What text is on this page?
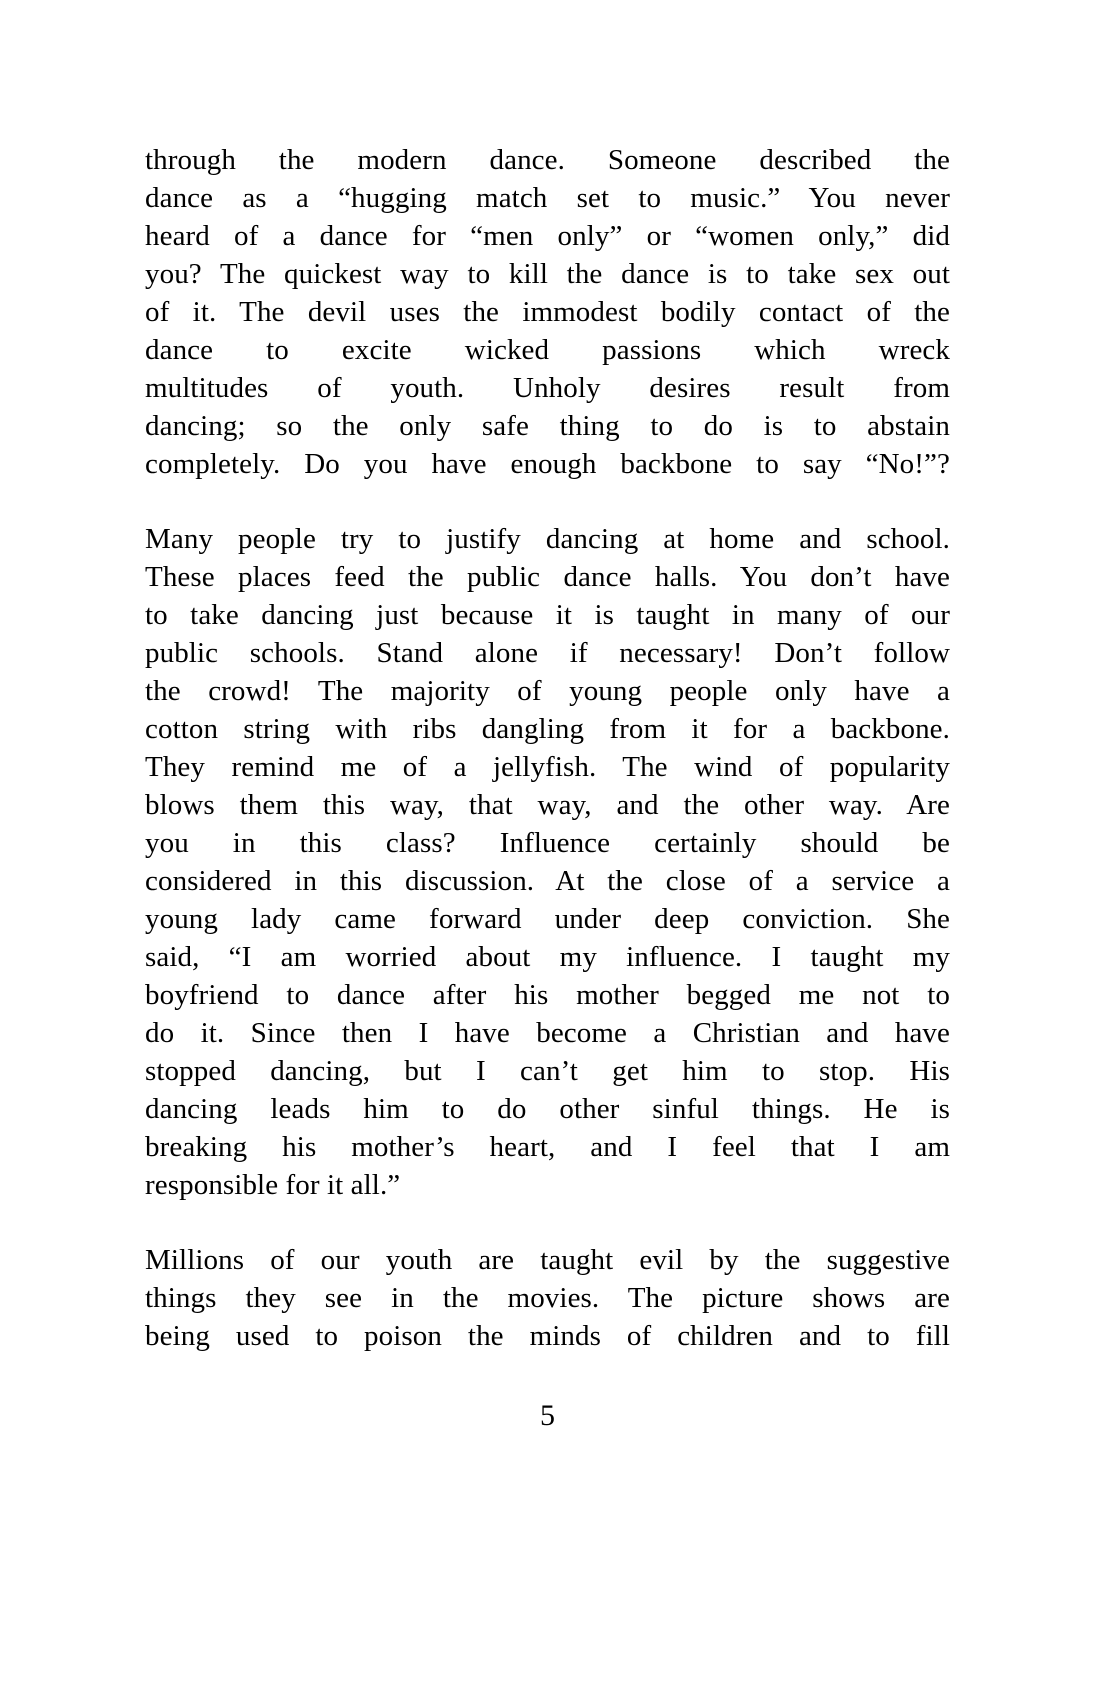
through the modern dance. Someone described the
dance as a “hugging match set to music.” You never
heard of a dance for “men only” or “women only,” did
you? The quickest way to kill the dance is to take sex out
of it. The devil uses the immodest bodily contact of the
dance to excite wicked passions which wreck
multitudes of youth. Unholy desires result from
dancing; so the only safe thing to do is to abstain
completely. Do you have enough backbone to say “No!”?
Many people try to justify dancing at home and school.
These places feed the public dance halls. You don’t have
to take dancing just because it is taught in many of our
public schools. Stand alone if necessary! Don’t follow
the crowd! The majority of young people only have a
cotton string with ribs dangling from it for a backbone.
They remind me of a jellyfish. The wind of popularity
blows them this way, that way, and the other way. Are
you in this class? Influence certainly should be
considered in this discussion. At the close of a service a
young lady came forward under deep conviction. She
said, “I am worried about my influence. I taught my
boyfriend to dance after his mother begged me not to
do it. Since then I have become a Christian and have
stopped dancing, but I can’t get him to stop. His
dancing leads him to do other sinful things. He is
breaking his mother’s heart, and I feel that I am
responsible for it all.”
Millions of our youth are taught evil by the suggestive
things they see in the movies. The picture shows are
being used to poison the minds of children and to fill
5
